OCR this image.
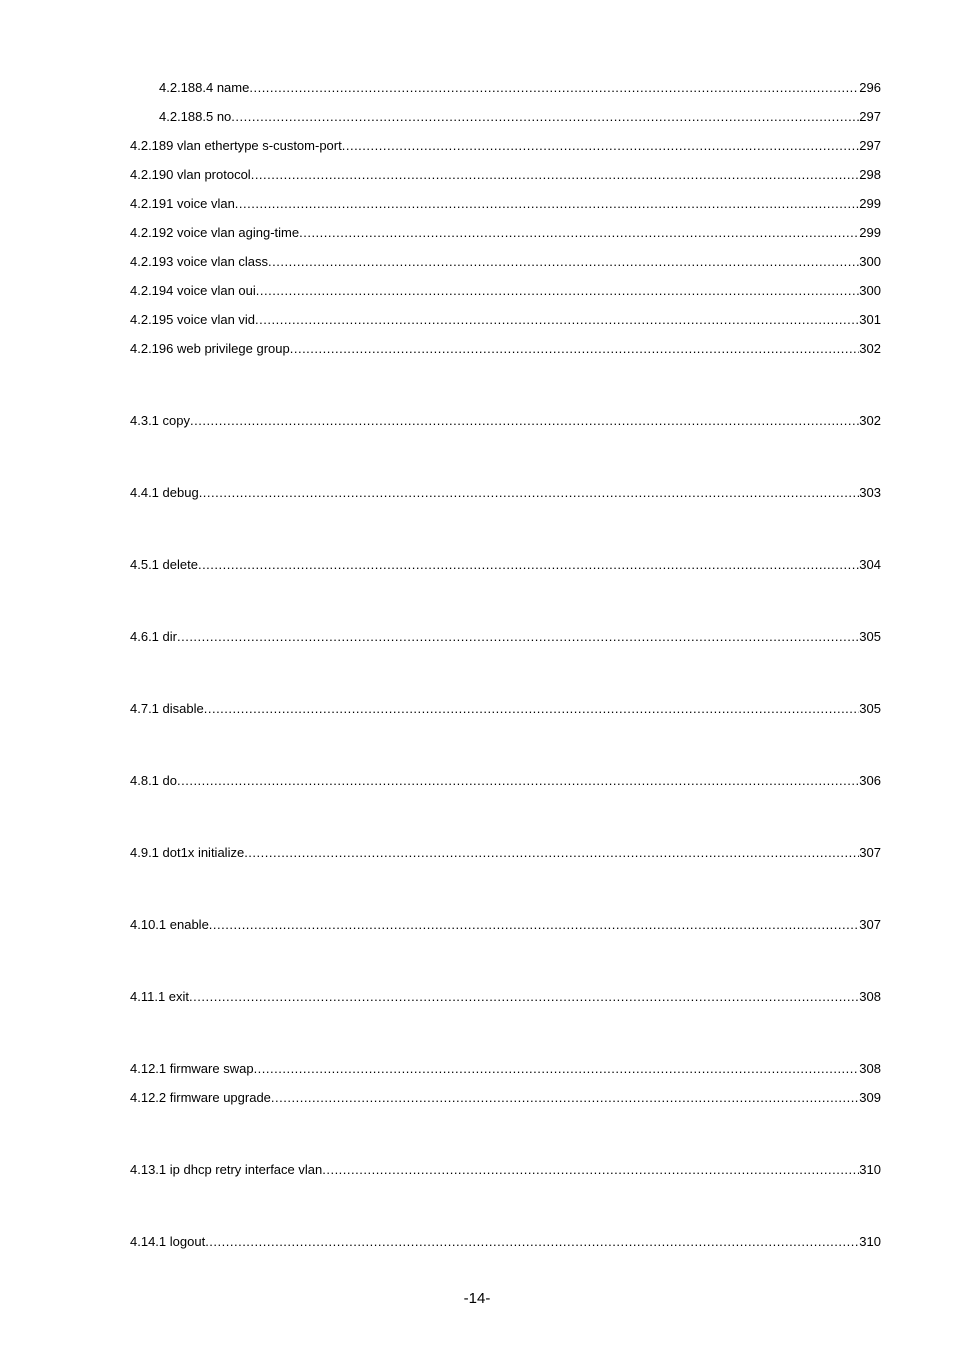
4.2.188.4 name .....	296
4.2.188.5 no .....	297
4.2.189 vlan ethertype s-custom-port .....	297
4.2.190 vlan protocol .....	298
4.2.191 voice vlan .....	299
4.2.192 voice vlan aging-time .....	299
4.2.193 voice vlan class .....	300
4.2.194 voice vlan oui .....	300
4.2.195 voice vlan vid .....	301
4.2.196 web privilege group .....	302
4.3.1 copy .....	302
4.4.1 debug .....	303
4.5.1 delete .....	304
4.6.1 dir .....	305
4.7.1 disable .....	305
4.8.1 do .....	306
4.9.1 dot1x initialize .....	307
4.10.1 enable .....	307
4.11.1 exit .....	308
4.12.1 firmware swap .....	308
4.12.2 firmware upgrade .....	309
4.13.1 ip dhcp retry interface vlan .....	310
4.14.1 logout .....	310
-14-
